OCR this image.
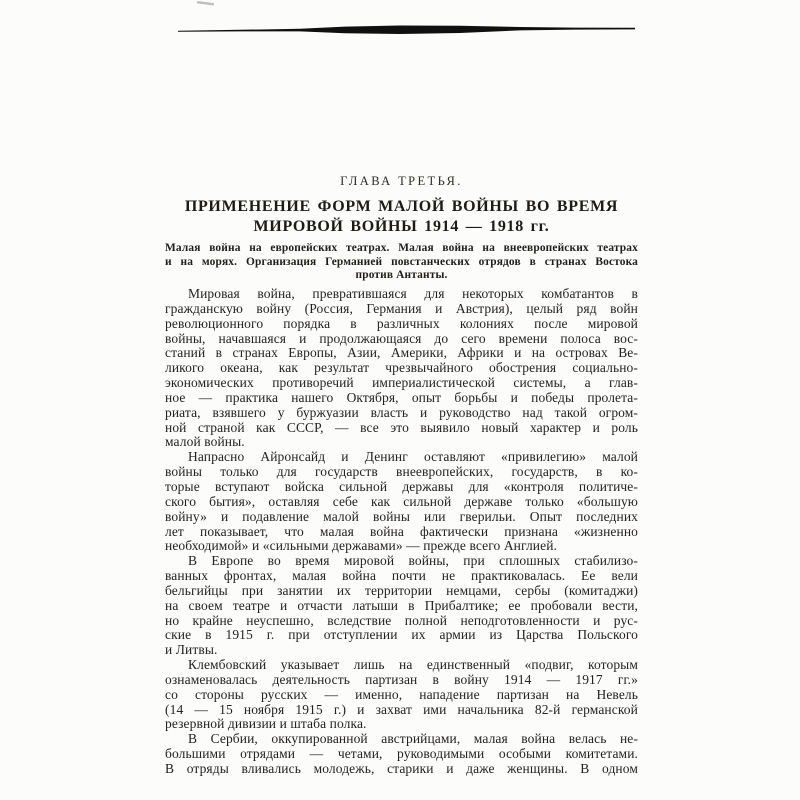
ГЛАВА ТРЕТЬЯ.
ПРИМЕНЕНИЕ ФОРМ МАЛОЙ ВОЙНЫ ВО ВРЕМЯ
МИРОВОЙ ВОЙНЫ 1914 — 1918 гг.
Малая война на европейских театрах. Малая война на внеевропейских театрах
и на морях. Организация Германией повстанческих отрядов в странах Востока
против Антанты.
Мировая война, превратившаяся для некоторых комбатантов в
гражданскую войну (Россия, Германия и Австрия), целый ряд войн
революционного порядка в различных колониях после мировой
войны, начавшаяся и продолжающаяся до сего времени полоса вос-
станий в странах Европы, Азии, Америки, Африки и на островах Ве-
ликого океана, как результат чрезвычайного обострения социально-
экономических противоречий империалистической системы, а глав-
ное — практика нашего Октября, опыт борьбы и победы пролета-
риата, взявшего у буржуазии власть и руководство над такой огром-
ной страной как СССР, — все это выявило новый характер и роль
малой войны.
Напрасно Айронсайд и Денинг оставляют «привилегию» малой
войны только для государств внеевропейских, государств, в ко-
торые вступают войска сильной державы для «контроля политиче-
ского бытия», оставляя себе как сильной державе только «большую
войну» и подавление малой войны или гверильи. Опыт последних
лет показывает, что малая война фактически признана «жизненно
необходимой» и «сильными державами» — прежде всего Англией.
В Европе во время мировой войны, при сплошных стабилизо-
ванных фронтах, малая война почти не практиковалась. Ее вели
бельгийцы при занятии их территории немцами, сербы (комитаджи)
на своем театре и отчасти латыши в Прибалтике; ее пробовали вести,
но крайне неуспешно, вследствие полной неподготовленности и рус-
ские в 1915 г. при отступлении их армии из Царства Польского
и Литвы.
Клембовский указывает лишь на единственный «подвиг, которым
ознаменовалась деятельность партизан в войну 1914 — 1917 гг.»
со стороны русских — именно, нападение партизан на Невель
(14 — 15 ноября 1915 г.) и захват ими начальника 82-й германской
резервной дивизии и штаба полка.
В Сербии, оккупированной австрийцами, малая война велась не-
большими отрядами — четами, руководимыми особыми комитетами.
В отряды вливались молодежь, старики и даже женщины. В одном
